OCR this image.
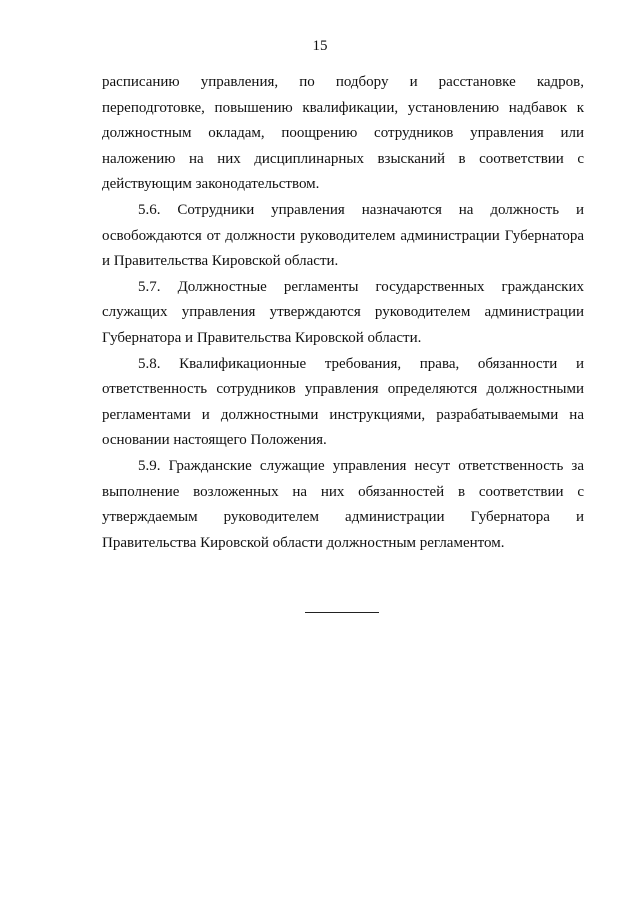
15

расписанию управления, по подбору и расстановке кадров, переподготовке, повышению квалификации, установлению надбавок к должностным окладам, поощрению сотрудников управления или наложению на них дисциплинарных взысканий в соответствии с действующим законодательством.

5.6. Сотрудники управления назначаются на должность и освобождаются от должности руководителем администрации Губернатора и Правительства Кировской области.

5.7. Должностные регламенты государственных гражданских служащих управления утверждаются руководителем администрации Губернатора и Правительства Кировской области.

5.8. Квалификационные требования, права, обязанности и ответственность сотрудников управления определяются должностными регламентами и должностными инструкциями, разрабатываемыми на основании настоящего Положения.

5.9. Гражданские служащие управления несут ответственность за выполнение возложенных на них обязанностей в соответствии с утверждаемым руководителем администрации Губернатора и Правительства Кировской области должностным регламентом.
